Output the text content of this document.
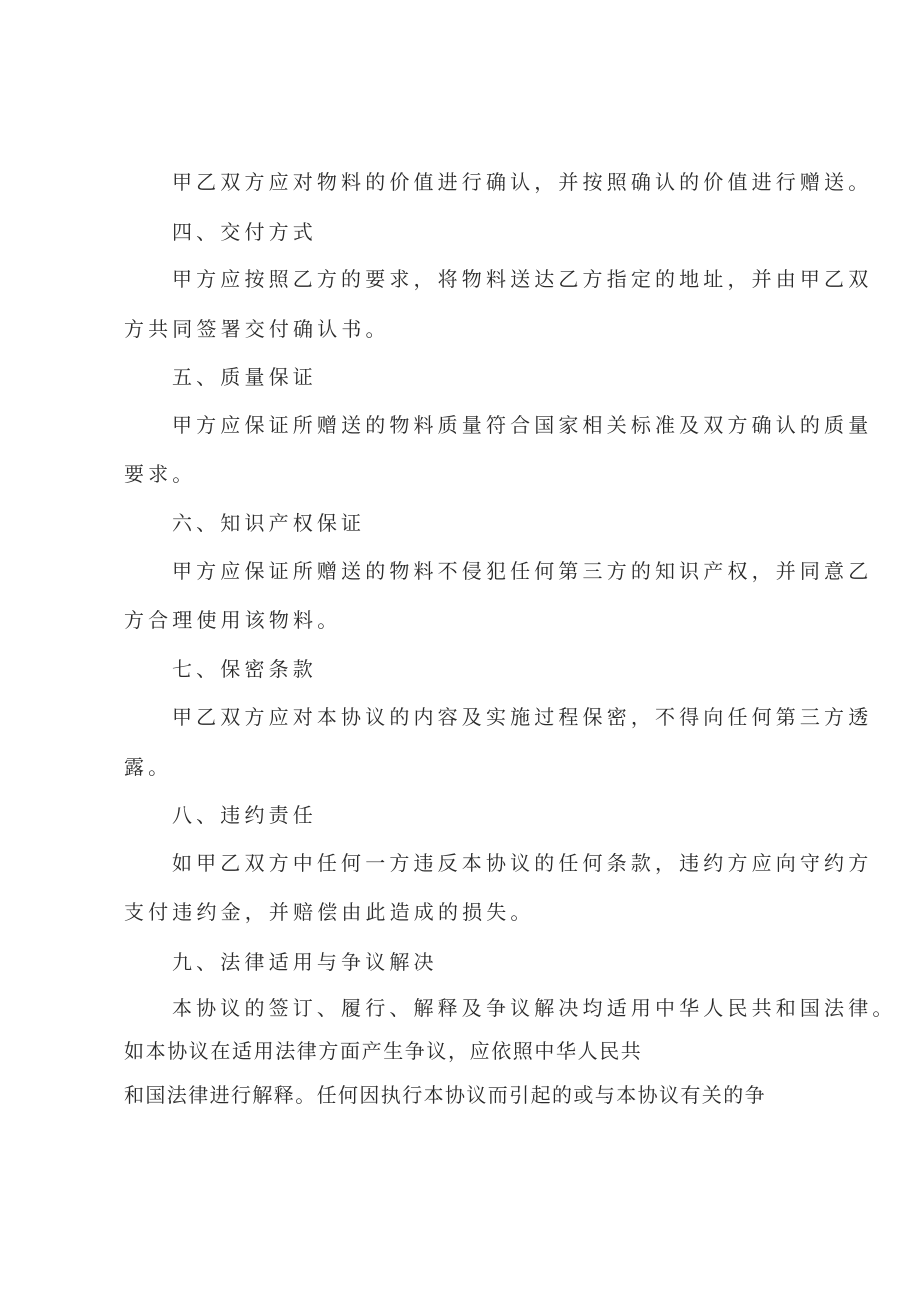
甲乙双方应对物料的价值进行确认，并按照确认的价值进行赠送。
四、交付方式
甲方应按照乙方的要求，将物料送达乙方指定的地址，并由甲乙双
方共同签署交付确认书。
五、质量保证
甲方应保证所赠送的物料质量符合国家相关标准及双方确认的质量
要求。
六、知识产权保证
甲方应保证所赠送的物料不侵犯任何第三方的知识产权，并同意乙
方合理使用该物料。
七、保密条款
甲乙双方应对本协议的内容及实施过程保密，不得向任何第三方透
露。
八、违约责任
如甲乙双方中任何一方违反本协议的任何条款，违约方应向守约方
支付违约金，并赔偿由此造成的损失。
九、法律适用与争议解决
本协议的签订、履行、解释及争议解决均适用中华人民共和国法律。
如本协议在适用法律方面产生争议，应依照中华人民共
和国法律进行解释。任何因执行本协议而引起的或与本协议有关的争
